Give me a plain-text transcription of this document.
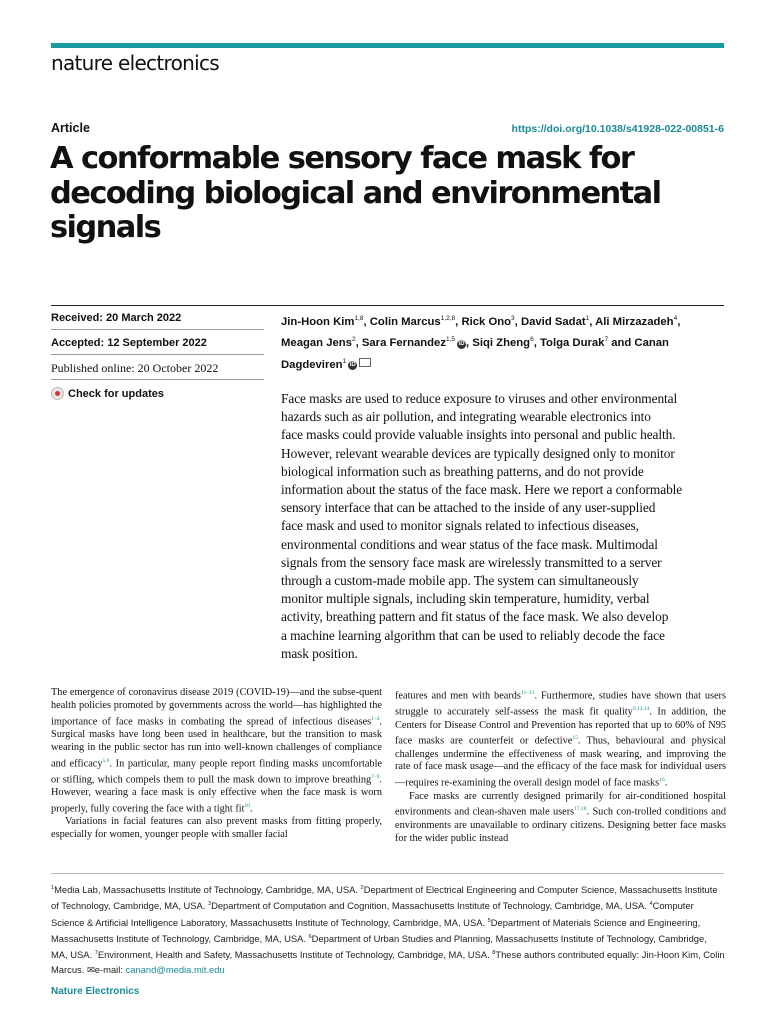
nature electronics
Article	https://doi.org/10.1038/s41928-022-00851-6
A conformable sensory face mask for decoding biological and environmental signals
Received: 20 March 2022
Accepted: 12 September 2022
Published online: 20 October 2022
Check for updates
Jin-Hoon Kim$^{1,8}$, Colin Marcus$^{1,2,8}$, Rick Ono$^3$, David Sadat$^1$, Ali Mirzazadeh$^4$, Meagan Jens$^2$, Sara Fernandez$^{1,5}$iD , Siqi Zheng$^6$, Tolga Durak$^7$ and Canan Dagdeviren$^1$iD
Face masks are used to reduce exposure to viruses and other environmental
hazards such as air pollution, and integrating wearable electronics into
face masks could provide valuable insights into personal and public health.
However, relevant wearable devices are typically designed only to monitor
biological information such as breathing patterns, and do not provide
information about the status of the face mask. Here we report a conformable
sensory interface that can be attached to the inside of any user-supplied
face mask and used to monitor signals related to infectious diseases,
environmental conditions and wear status of the face mask. Multimodal
signals from the sensory face mask are wirelessly transmitted to a server
through a custom-made mobile app. The system can simultaneously
monitor multiple signals, including skin temperature, humidity, verbal
activity, breathing pattern and fit status of the face mask. We also develop
a machine learning algorithm that can be used to reliably decode the face
mask position.

The emergence of coronavirus disease 2019 (COVID-19)—and the subse-quent health policies promoted by governments across the world—has highlighted the importance of face masks in combating the spread of infectious diseases$^{1-4}$. Surgical masks have long been used in healthcare, but the transition to mask wearing in the public sector has run into well-known challenges of compliance and efficacy$^{5,6}$. In particular, many people report finding masks uncomfortable or stifling, which compels them to pull the mask down to improve breathing$^{7-9}$. However, wearing a face mask is only effective when the face mask is worn properly, fully covering the face with a tight fit$^{10}$.

Variations in facial features can also prevent masks from fitting properly, especially for women, younger people with smaller facial

features and men with beards$^{11-13}$. Furthermore, studies have shown that users struggle to accurately self-assess the mask fit quality$^{9,13,14}$. In addition, the Centers for Disease Control and Prevention has reported that up to 60% of N95 face masks are counterfeit or defective$^{15}$. Thus, behavioural and physical challenges undermine the effectiveness of mask wearing, and improving the rate of face mask usage—and the efficacy of the face mask for individual users—requires re-examining the overall design model of face masks$^{16}$.

Face masks are currently designed primarily for air-conditioned hospital environments and clean-shaven male users$^{17,18}$. Such con-trolled conditions and environments are unavailable to ordinary citizens. Designing better face masks for the wider public instead

$^1$Media Lab, Massachusetts Institute of Technology, Cambridge, MA, USA. $^2$Department of Electrical Engineering and Computer Science, Massachusetts Institute of Technology, Cambridge, MA, USA. $^3$Department of Computation and Cognition, Massachusetts Institute of Technology, Cambridge, MA, USA. $^4$Computer Science & Artificial Intelligence Laboratory, Massachusetts Institute of Technology, Cambridge, MA, USA. $^5$Department of Materials Science and Engineering, Massachusetts Institute of Technology, Cambridge, MA, USA. $^6$Department of Urban Studies and Planning, Massachusetts Institute of Technology, Cambridge, MA, USA. $^7$Environment, Health and Safety, Massachusetts Institute of Technology, Cambridge, MA, USA. $^8$These authors contributed equally: Jin-Hoon Kim, Colin Marcus. ✉e-mail: canand@media.mit.edu

Nature Electronics
